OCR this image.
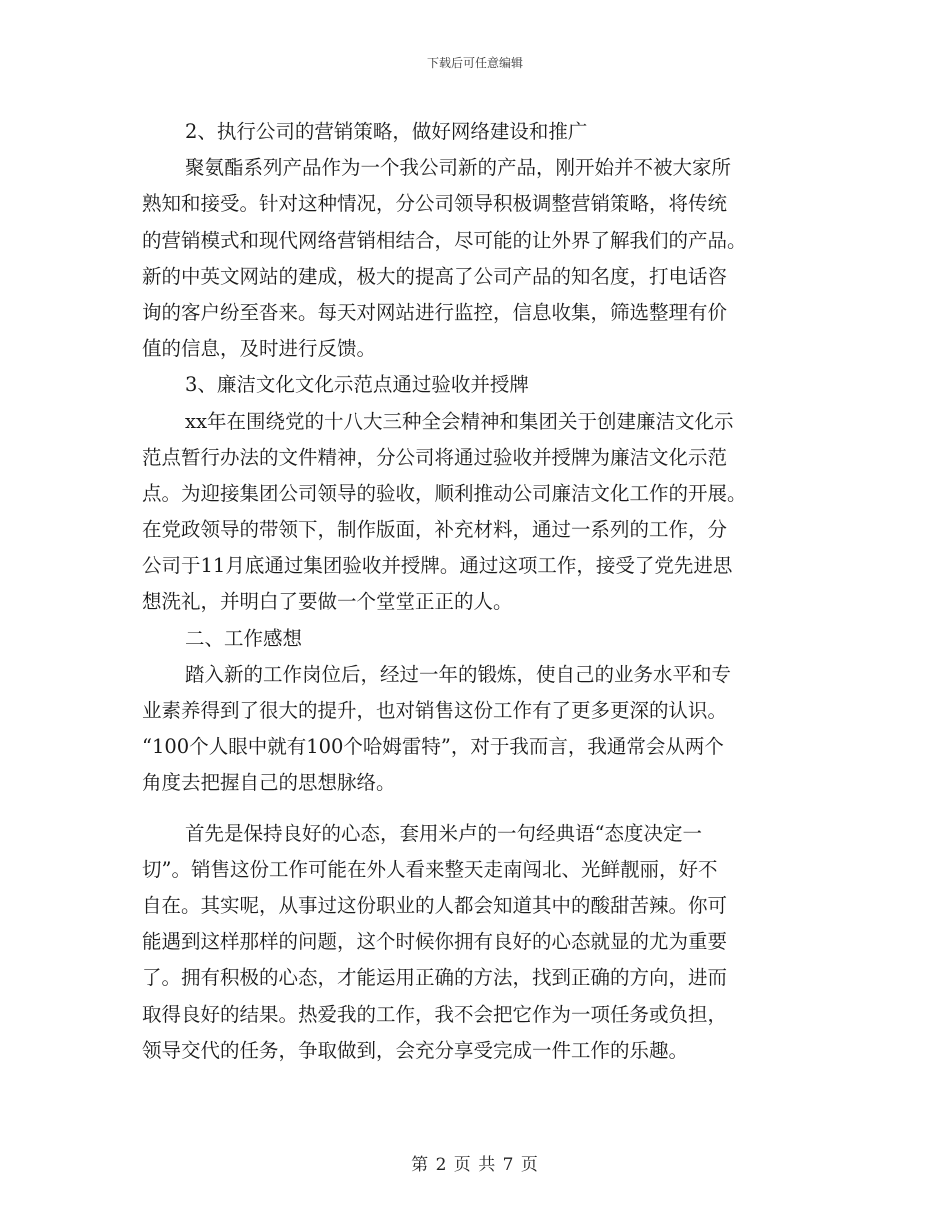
下载后可任意编辑
2、执行公司的营销策略，做好网络建设和推广
聚氨酯系列产品作为一个我公司新的产品，刚开始并不被大家所
熟知和接受。针对这种情况，分公司领导积极调整营销策略，将传统
的营销模式和现代网络营销相结合，尽可能的让外界了解我们的产品。
新的中英文网站的建成，极大的提高了公司产品的知名度，打电话咨
询的客户纷至沓来。每天对网站进行监控，信息收集，筛选整理有价
值的信息，及时进行反馈。
3、廉洁文化文化示范点通过验收并授牌
xx年在围绕党的十八大三种全会精神和集团关于创建廉洁文化示
范点暂行办法的文件精神，分公司将通过验收并授牌为廉洁文化示范
点。为迎接集团公司领导的验收，顺利推动公司廉洁文化工作的开展。
在党政领导的带领下，制作版面，补充材料，通过一系列的工作，分
公司于11月底通过集团验收并授牌。通过这项工作，接受了党先进思
想洗礼，并明白了要做一个堂堂正正的人。
二、工作感想
踏入新的工作岗位后，经过一年的锻炼，使自己的业务水平和专
业素养得到了很大的提升，也对销售这份工作有了更多更深的认识。
“100个人眼中就有100个哈姆雷特”，对于我而言，我通常会从两个
角度去把握自己的思想脉络。
首先是保持良好的心态，套用米卢的一句经典语“态度决定一
切”。销售这份工作可能在外人看来整天走南闯北、光鲜靓丽，好不
自在。其实呢，从事过这份职业的人都会知道其中的酸甜苦辣。你可
能遇到这样那样的问题，这个时候你拥有良好的心态就显的尤为重要
了。拥有积极的心态，才能运用正确的方法，找到正确的方向，进而
取得良好的结果。热爱我的工作，我不会把它作为一项任务或负担，
领导交代的任务，争取做到，会充分享受完成一件工作的乐趣。
第 2 页 共 7 页
